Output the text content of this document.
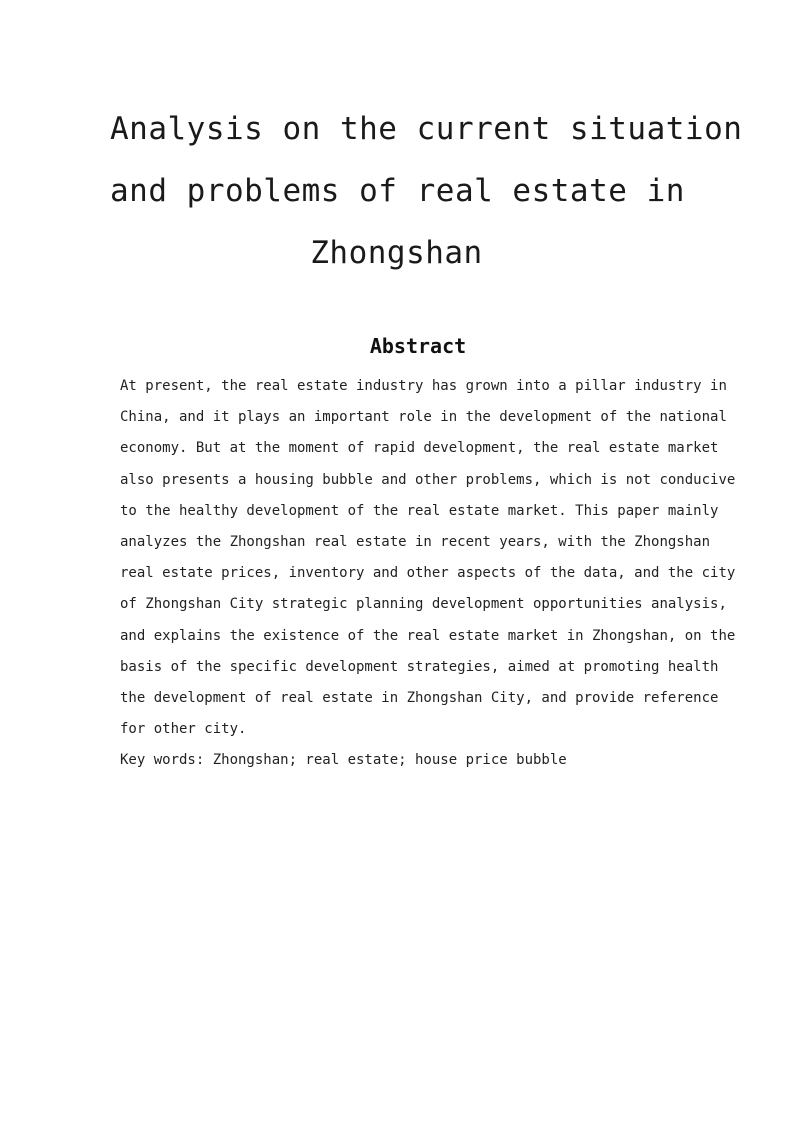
Analysis on the current situation
and problems of real estate in
Zhongshan
Abstract
At present, the real estate industry has grown into a pillar industry in
China, and it plays an important role in the development of the national
economy. But at the moment of rapid development, the real estate market
also presents a housing bubble and other problems, which is not conducive
to the healthy development of the real estate market. This paper mainly
analyzes the Zhongshan real estate in recent years, with the Zhongshan
real estate prices, inventory and other aspects of the data, and the city
of Zhongshan City strategic planning development opportunities analysis,
and explains the existence of the real estate market in Zhongshan, on the
basis of the specific development strategies, aimed at promoting health
the development of real estate in Zhongshan City, and provide reference
for other city.
Key words: Zhongshan; real estate; house price bubble
